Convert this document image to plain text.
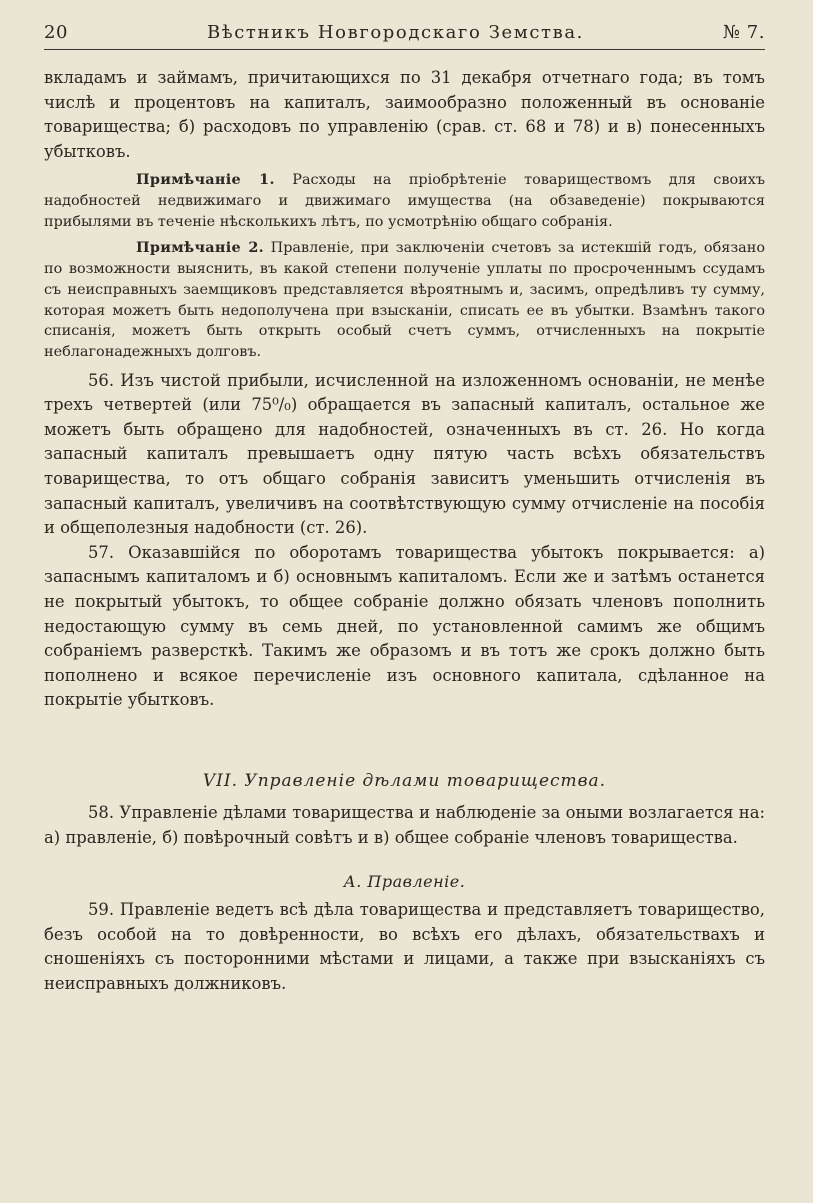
20	Вѣстникъ Новгородскаго Земства.	№ 7.

вкладамъ и займамъ, причитающихся по 31 декабря отчетнаго года; въ томъ числѣ и процентовъ на капиталъ, заимообразно положенный въ основаніе товарищества; б) расходовъ по управленію (срав. ст. 68 и 78) и в) понесенныхъ убытковъ.

Примѣчаніе 1. Расходы на пріобрѣтеніе товариществомъ для своихъ надобностей недвижимаго и движимаго имущества (на обзаведеніе) покрываются прибылями въ теченіе нѣсколькихъ лѣтъ, по усмотрѣнію общаго собранія.

Примѣчаніе 2. Правленіе, при заключеніи счетовъ за истекшій годъ, обязано по возможности выяснить, въ какой степени полученіе уплаты по просроченнымъ ссудамъ съ неисправныхъ заемщиковъ представляется вѣроятнымъ и, засимъ, опредѣливъ ту сумму, которая можетъ быть недополучена при взысканіи, списать ее въ убытки. Взамѣнъ такого списанія, можетъ быть открыть особый счетъ суммъ, отчисленныхъ на покрытіе неблагонадежныхъ долговъ.

56. Изъ чистой прибыли, исчисленной на изложенномъ основаніи, не менѣе трехъ четвертей (или 75⁰/₀) обращается въ запасный капиталъ, остальное же можетъ быть обращено для надобностей, означенныхъ въ ст. 26. Но когда запасный капиталъ превышаетъ одну пятую часть всѣхъ обязательствъ товарищества, то отъ общаго собранія зависитъ уменьшить отчисленія въ запасный капиталъ, увеличивъ на соотвѣтствующую сумму отчисленіе на пособія и общеполезныя надобности (ст. 26).

57. Оказавшійся по оборотамъ товарищества убытокъ покрывается: а) запаснымъ капиталомъ и б) основнымъ капиталомъ. Если же и затѣмъ останется не покрытый убытокъ, то общее собраніе должно обязать членовъ пополнить недостающую сумму въ семь дней, по установленной самимъ же общимъ собраніемъ разверсткѣ. Такимъ же образомъ и въ тотъ же срокъ должно быть пополнено и всякое перечисленіе изъ основного капитала, сдѣланное на покрытіе убытковъ.

VII. Управленіе дѣлами товарищества.

58. Управленіе дѣлами товарищества и наблюденіе за оными возлагается на: а) правленіе, б) повѣрочный совѣтъ и в) общее собраніе членовъ товарищества.

А. Правленіе.

59. Правленіе ведетъ всѣ дѣла товарищества и представляетъ товарищество, безъ особой на то довѣренности, во всѣхъ его дѣлахъ, обязательствахъ и сношеніяхъ съ посторонними мѣстами и лицами, а также при взысканіяхъ съ неисправныхъ должниковъ.
